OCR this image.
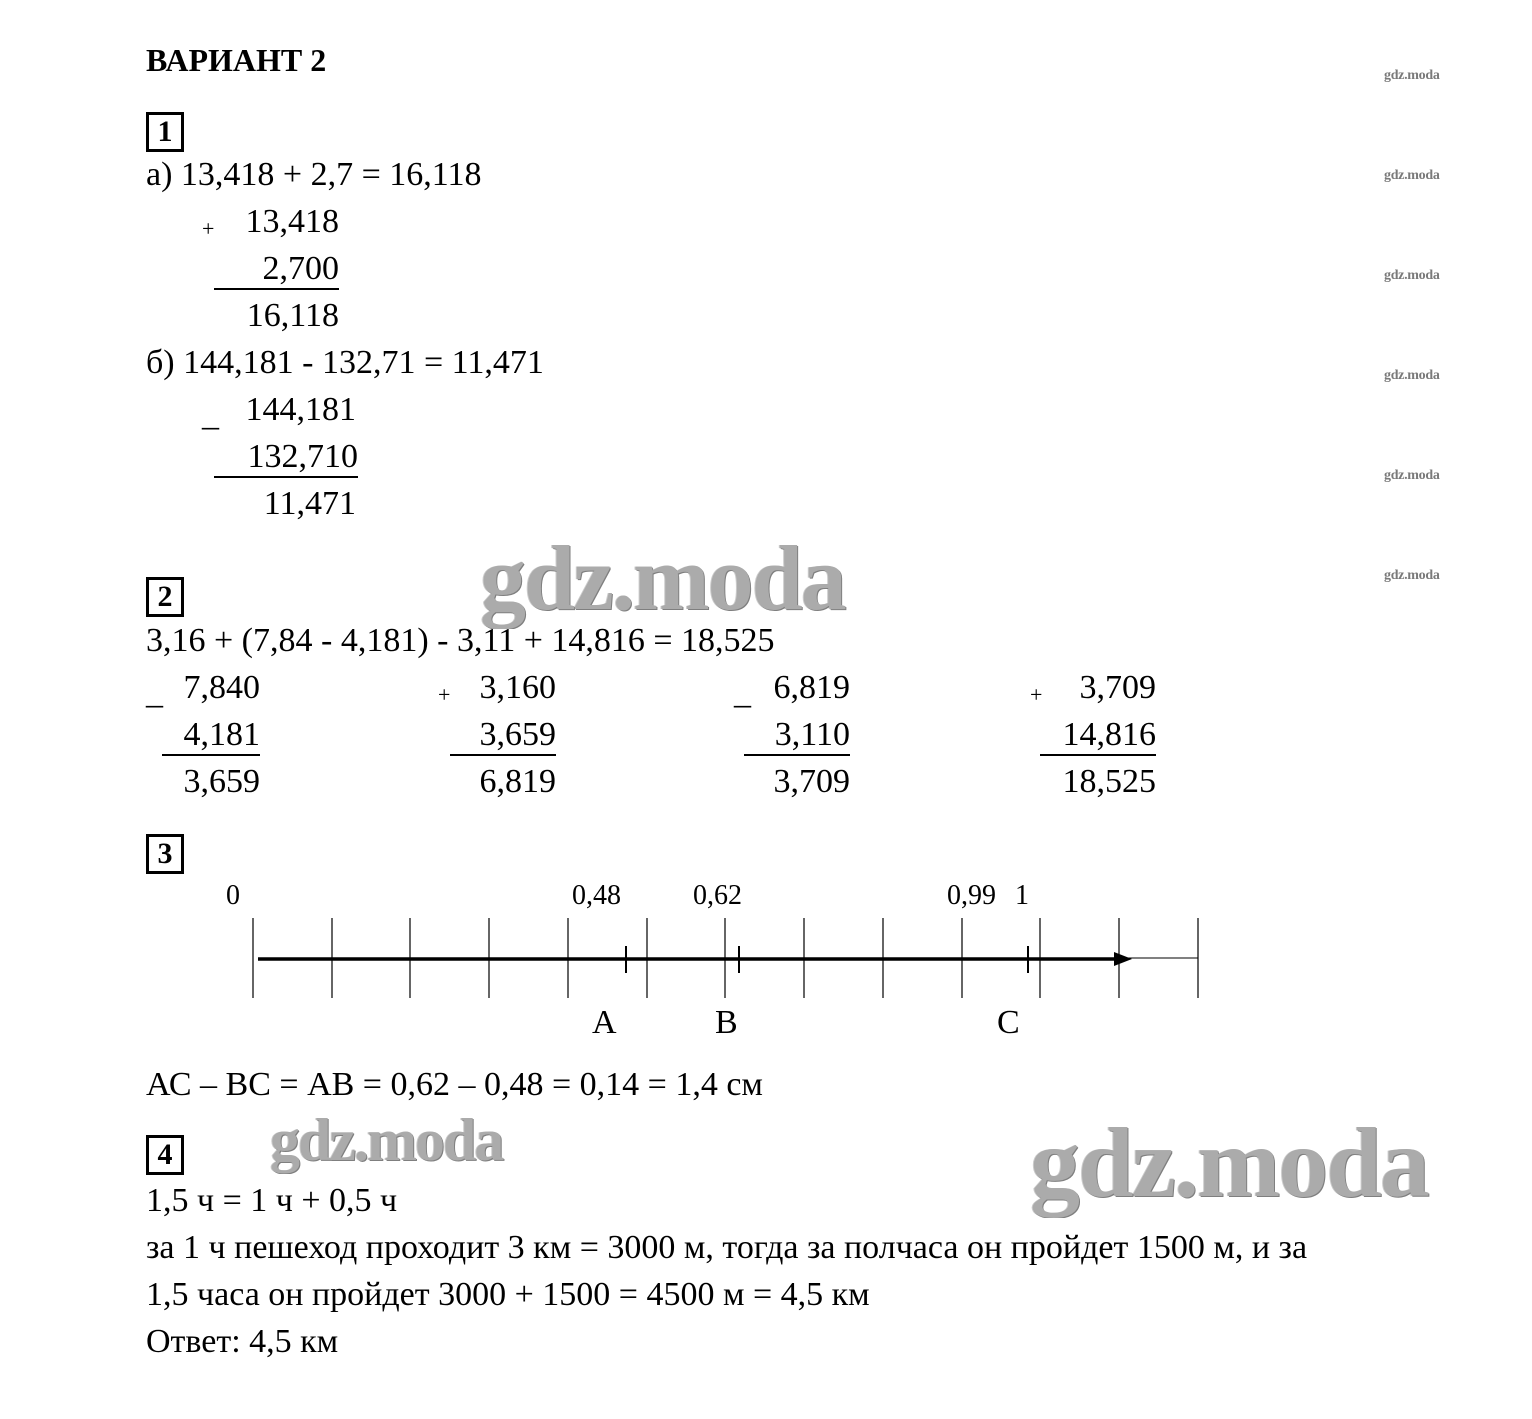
ВАРИАНТ 2	gdz.moda
gdz.moda
gdz.moda
gdz.moda
gdz.moda
gdz.moda
1
а) 13,418 + 2,7 = 16,118
+ 13,418
2,700
16,118
б) 144,181 - 132,71 = 11,471
_ 144,181
132,710
11,471
gdz.moda
2
3,16 + (7,84 - 4,181) - 3,11 + 14,816 = 18,525
_ 7,840
4,181
3,659
+ 3,160
3,659
6,819
_ 6,819
3,110
3,709
+	3,709
14,816
18,525
3
0	0,48	0,62	0,99 1
A	B	C
АС – ВС = АВ = 0,62 – 0,48 = 0,14 = 1,4 см
gdz.moda	gdz.moda
4
1,5 ч = 1 ч + 0,5 ч
за 1 ч пешеход проходит 3 км = 3000 м, тогда за полчаса он пройдет 1500 м, и за
1,5 часа он пройдет 3000 + 1500 = 4500 м = 4,5 км
Ответ: 4,5 км
